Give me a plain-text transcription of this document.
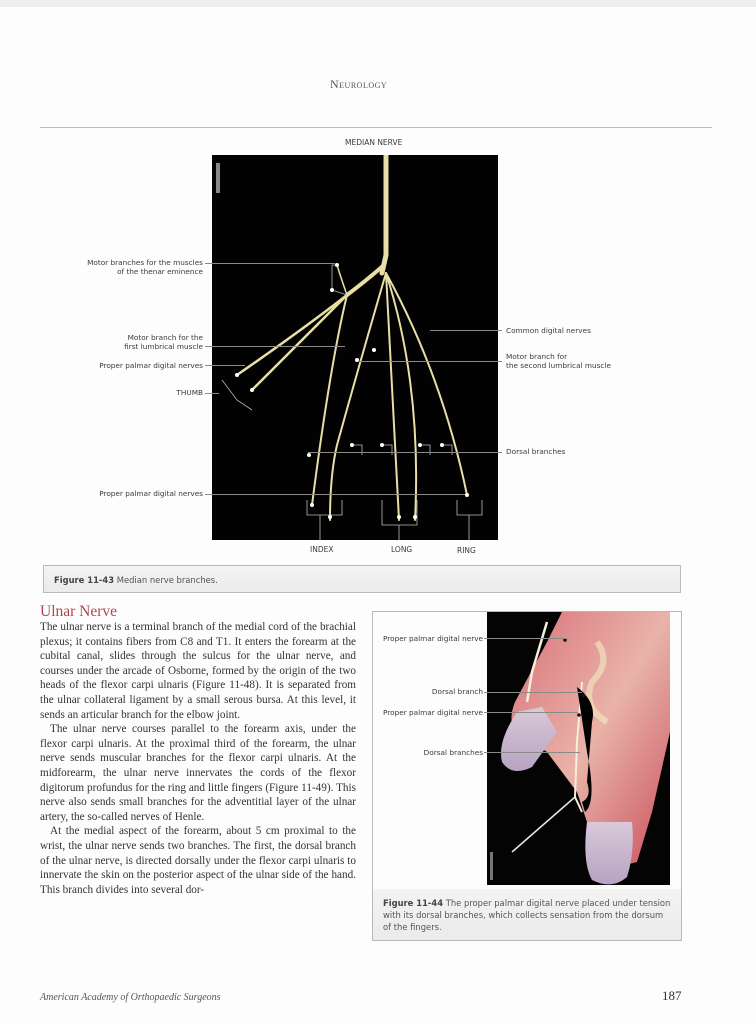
Neurology
MEDIAN NERVE
Motor branches for the muscles
of the thenar eminence
Motor branch for the
first lumbrical muscle
Proper palmar digital nerves
THUMB
Proper palmar digital nerves
Common digital nerves
Motor branch for
the second lumbrical muscle
Dorsal branches
INDEX	LONG	RING
Figure 11-43 Median nerve branches.
Ulnar Nerve

The ulnar nerve is a terminal branch of the medial cord of the brachial plexus; it contains fibers from C8 and T1. It enters the forearm at the cubital canal, slides through the sulcus for the ulnar nerve, and courses under the arcade of Osborne, formed by the origin of the two heads of the flexor carpi ulnaris (Figure 11-48). It is separated from the ulnar collateral ligament by a small serous bursa. At this level, it sends an articular branch for the elbow joint.

The ulnar nerve courses parallel to the forearm axis, under the flexor carpi ulnaris. At the proximal third of the forearm, the ulnar nerve sends muscular branches for the flexor carpi ulnaris. At the midforearm, the ulnar nerve innervates the cords of the flexor digitorum profundus for the ring and little fingers (Figure 11-49). This nerve also sends small branches for the adventitial layer of the ulnar artery, the so-called nerves of Henle.

At the medial aspect of the forearm, about 5 cm proximal to the wrist, the ulnar nerve sends two branches. The first, the dorsal branch of the ulnar nerve, is directed dorsally under the flexor carpi ulnaris to innervate the skin on the posterior aspect of the ulnar side of the hand. This branch divides into several dor-

Proper palmar digital nerve
Dorsal branch
Proper palmar digital nerve
Dorsal branches
Figure 11-44 The proper palmar digital nerve placed under tension with its dorsal branches, which collects sensation from the dorsum of the fingers.
American Academy of Orthopaedic Surgeons	187
